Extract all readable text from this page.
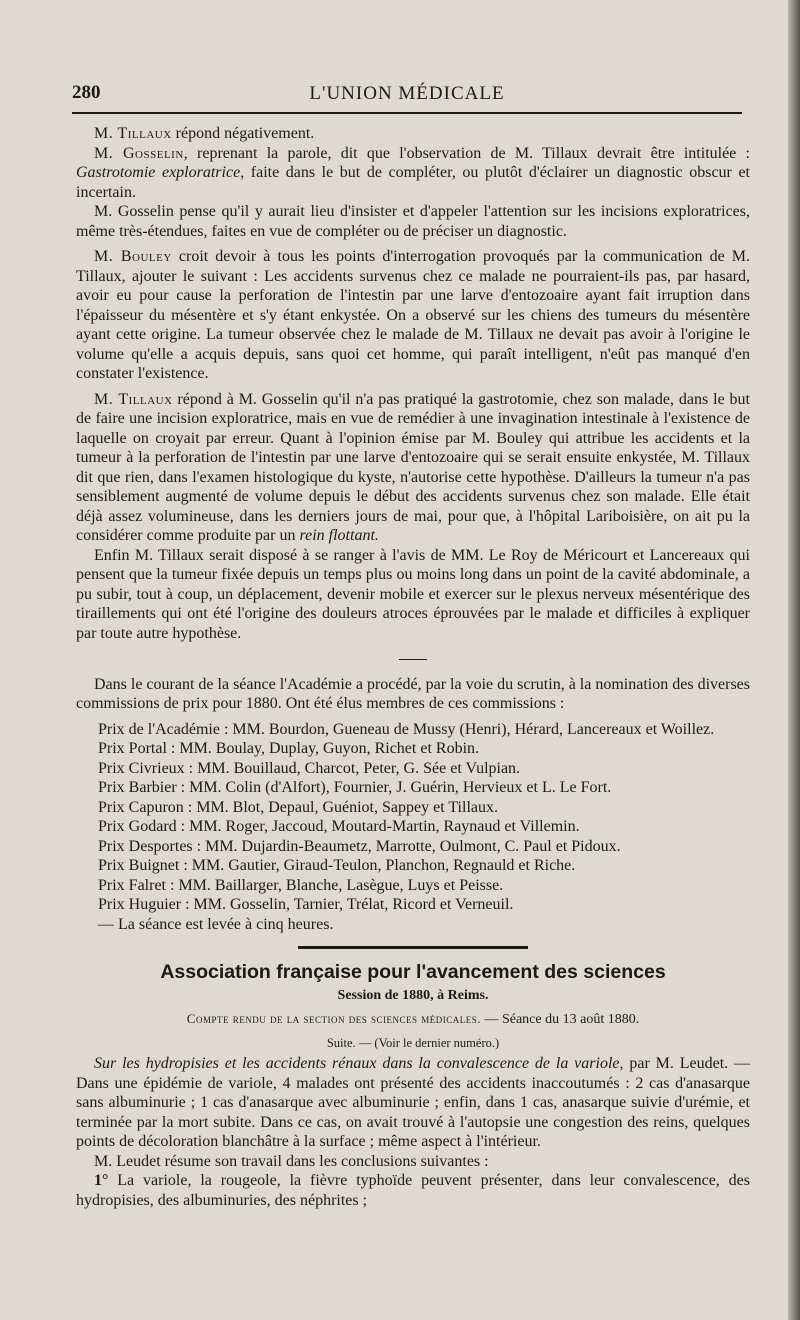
280	L'UNION MÉDICALE

M. Tillaux répond négativement.

M. Gosselin, reprenant la parole, dit que l'observation de M. Tillaux devrait être intitulée : Gastrotomie exploratrice, faite dans le but de compléter, ou plutôt d'éclairer un diagnostic obscur et incertain.

M. Gosselin pense qu'il y aurait lieu d'insister et d'appeler l'attention sur les incisions exploratrices, même très-étendues, faites en vue de compléter ou de préciser un diagnostic.

M. Bouley croit devoir à tous les points d'interrogation provoqués par la communication de M. Tillaux, ajouter le suivant : Les accidents survenus chez ce malade ne pourraient-ils pas, par hasard, avoir eu pour cause la perforation de l'intestin par une larve d'entozoaire ayant fait irruption dans l'épaisseur du mésentère et s'y étant enkystée. On a observé sur les chiens des tumeurs du mésentère ayant cette origine. La tumeur observée chez le malade de M. Tillaux ne devait pas avoir à l'origine le volume qu'elle a acquis depuis, sans quoi cet homme, qui paraît intelligent, n'eût pas manqué d'en constater l'existence.

M. Tillaux répond à M. Gosselin qu'il n'a pas pratiqué la gastrotomie, chez son malade, dans le but de faire une incision exploratrice, mais en vue de remédier à une invagination intestinale à l'existence de laquelle on croyait par erreur. Quant à l'opinion émise par M. Bouley qui attribue les accidents et la tumeur à la perforation de l'intestin par une larve d'entozoaire qui se serait ensuite enkystée, M. Tillaux dit que rien, dans l'examen histologique du kyste, n'autorise cette hypothèse. D'ailleurs la tumeur n'a pas sensiblement augmenté de volume depuis le début des accidents survenus chez son malade. Elle était déjà assez volumineuse, dans les derniers jours de mai, pour que, à l'hôpital Lariboisière, on ait pu la considérer comme produite par un rein flottant.

Enfin M. Tillaux serait disposé à se ranger à l'avis de MM. Le Roy de Méricourt et Lancereaux qui pensent que la tumeur fixée depuis un temps plus ou moins long dans un point de la cavité abdominale, a pu subir, tout à coup, un déplacement, devenir mobile et exercer sur le plexus nerveux mésentérique des tiraillements qui ont été l'origine des douleurs atroces éprouvées par le malade et difficiles à expliquer par toute autre hypothèse.

Dans le courant de la séance l'Académie a procédé, par la voie du scrutin, à la nomination des diverses commissions de prix pour 1880. Ont été élus membres de ces commissions :

Prix de l'Académie : MM. Bourdon, Gueneau de Mussy (Henri), Hérard, Lancereaux et Woillez.

Prix Portal : MM. Boulay, Duplay, Guyon, Richet et Robin.

Prix Civrieux : MM. Bouillaud, Charcot, Peter, G. Sée et Vulpian.

Prix Barbier : MM. Colin (d'Alfort), Fournier, J. Guérin, Hervieux et L. Le Fort.

Prix Capuron : MM. Blot, Depaul, Guéniot, Sappey et Tillaux.

Prix Godard : MM. Roger, Jaccoud, Moutard-Martin, Raynaud et Villemin.

Prix Desportes : MM. Dujardin-Beaumetz, Marrotte, Oulmont, C. Paul et Pidoux.

Prix Buignet : MM. Gautier, Giraud-Teulon, Planchon, Regnauld et Riche.

Prix Falret : MM. Baillarger, Blanche, Lasègue, Luys et Peisse.

Prix Huguier : MM. Gosselin, Tarnier, Trélat, Ricord et Verneuil.

— La séance est levée à cinq heures.

Association française pour l'avancement des sciences

Session de 1880, à Reims.

Compte rendu de la section des sciences médicales. — Séance du 13 août 1880.

Suite. — (Voir le dernier numéro.)

Sur les hydropisies et les accidents rénaux dans la convalescence de la variole, par M. Leudet. — Dans une épidémie de variole, 4 malades ont présenté des accidents inaccoutumés : 2 cas d'anasarque sans albuminurie ; 1 cas d'anasarque avec albuminurie ; enfin, dans 1 cas, anasarque suivie d'urémie, et terminée par la mort subite. Dans ce cas, on avait trouvé à l'autopsie une congestion des reins, quelques points de décoloration blanchâtre à la surface ; même aspect à l'intérieur.

M. Leudet résume son travail dans les conclusions suivantes :

1° La variole, la rougeole, la fièvre typhoïde peuvent présenter, dans leur convalescence, des hydropisies, des albuminuries, des néphrites ;
